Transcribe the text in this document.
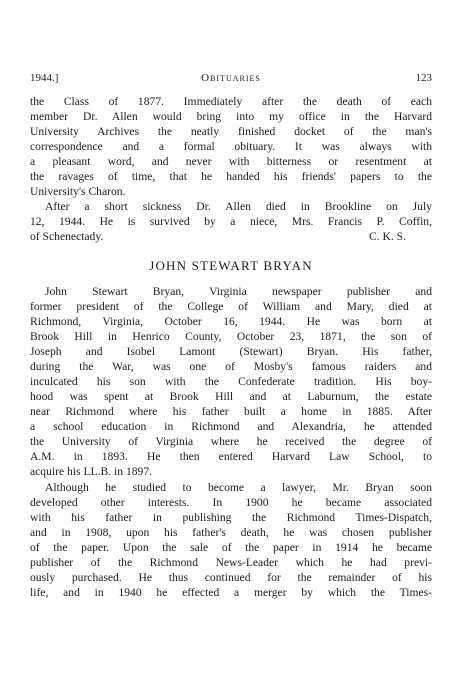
1944.]	Obituaries	123
the Class of 1877. Immediately after the death of each
member Dr. Allen would bring into my office in the Harvard
University Archives the neatly finished docket of the man's
correspondence and a formal obituary. It was always with
a pleasant word, and never with bitterness or resentment at
the ravages of time, that he handed his friends' papers to the
University's Charon.
After a short sickness Dr. Allen died in Brookline on July
12, 1944. He is survived by a niece, Mrs. Francis P. Coffin,
of Schenectady.	C. K. S.
JOHN STEWART BRYAN
John Stewart Bryan, Virginia newspaper publisher and
former president of the College of William and Mary, died at
Richmond, Virginia, October 16, 1944. He was born at
Brook Hill in Henrico County, October 23, 1871, the son of
Joseph and Isobel Lamont (Stewart) Bryan. His father,
during the War, was one of Mosby's famous raiders and
inculcated his son with the Confederate tradition. His boy-
hood was spent at Brook Hill and at Laburnum, the estate
near Richmond where his father built a home in 1885. After
a school education in Richmond and Alexandria, he attended
the University of Virginia where he received the degree of
A.M. in 1893. He then entered Harvard Law School, to
acquire his LL.B. in 1897.
Although he studied to become a lawyer, Mr. Bryan soon
developed other interests. In 1900 he became associated
with his father in publishing the Richmond Times-Dispatch,
and in 1908, upon his father's death, he was chosen publisher
of the paper. Upon the sale of the paper in 1914 he became
publisher of the Richmond News-Leader which he had previ-
ously purchased. He thus continued for the remainder of his
life, and in 1940 he effected a merger by which the Times-
